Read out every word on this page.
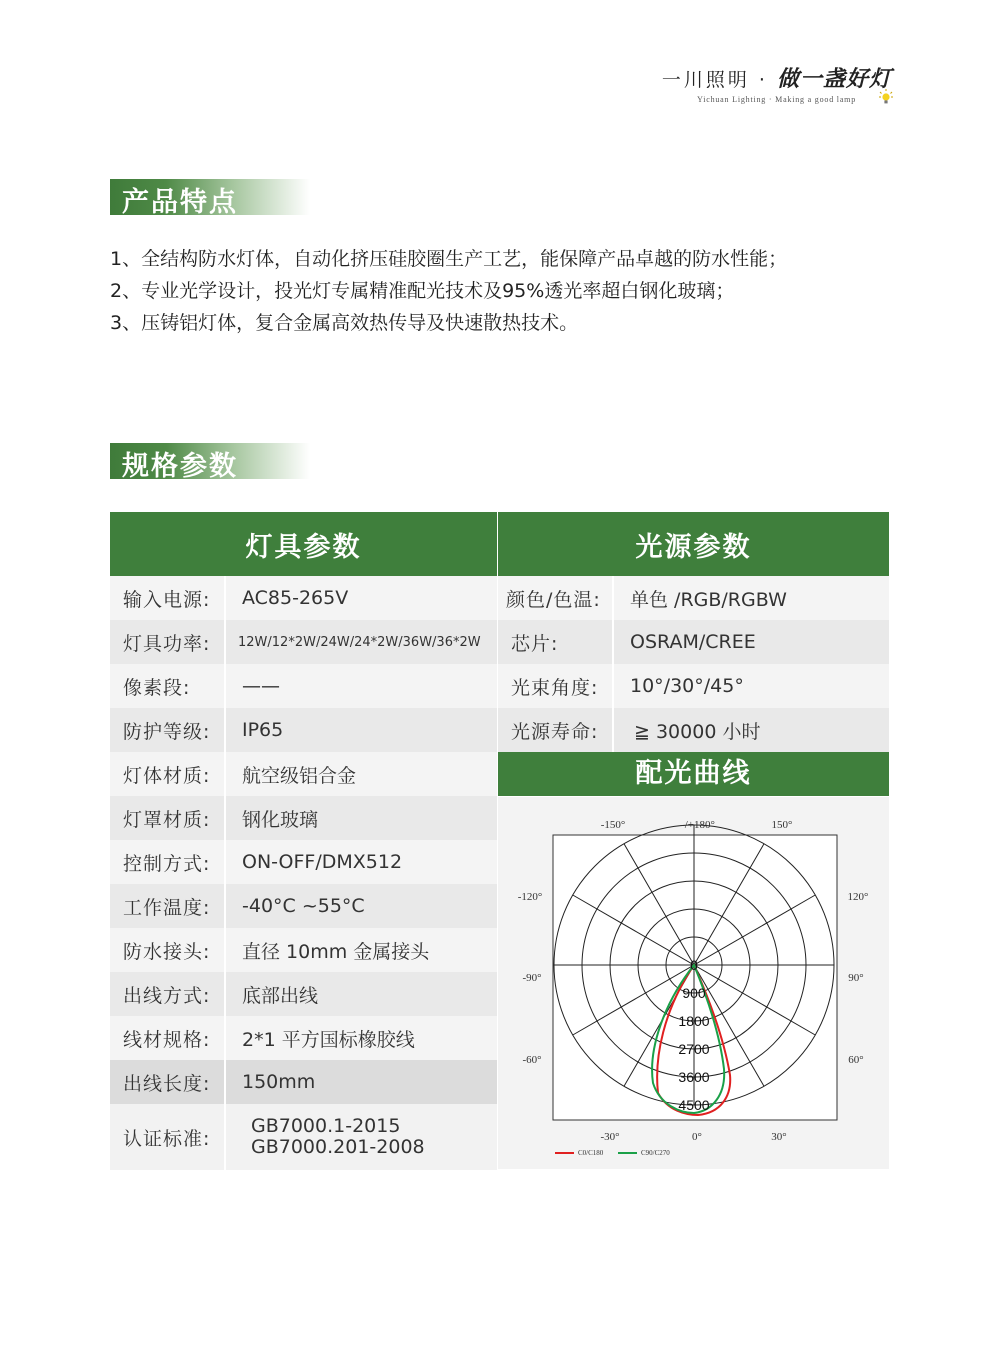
一川照明 · 做一盏好灯
Yichuan Lighting · Making a good lamp
产品特点
1、全结构防水灯体，自动化挤压硅胶圈生产工艺，能保障产品卓越的防水性能；
2、专业光学设计，投光灯专属精准配光技术及95%透光率超白钢化玻璃；
3、压铸铝灯体，复合金属高效热传导及快速散热技术。
规格参数
灯具参数	
输入电源:	AC85-265V
灯具功率:	12W/12*2W/24W/24*2W/36W/36*2W
像素段:	——
防护等级:	IP65
灯体材质:	航空级铝合金
灯罩材质:	钢化玻璃
控制方式:	ON-OFF/DMX512
工作温度:	-40°C ~55°C
防水接头:	直径 10mm 金属接头
出线方式:	底部出线
线材规格:	2*1 平方国标橡胶线
出线长度:	150mm
认证标准:	GB7000.1-2015
GB7000.201-2008
光源参数	
颜色/色温:	单色 /RGB/RGBW
芯片:	OSRAM/CREE
光束角度:	10°/30°/45°
光源寿命:	≧ 30000 小时
配光曲线
0
900
1800
2700
3600
4500
-150°	-/+180°	150°
-120°	120°
-90°	90°
-60°	60°
-30°	0°	30°
C0/C180	C90/C270
